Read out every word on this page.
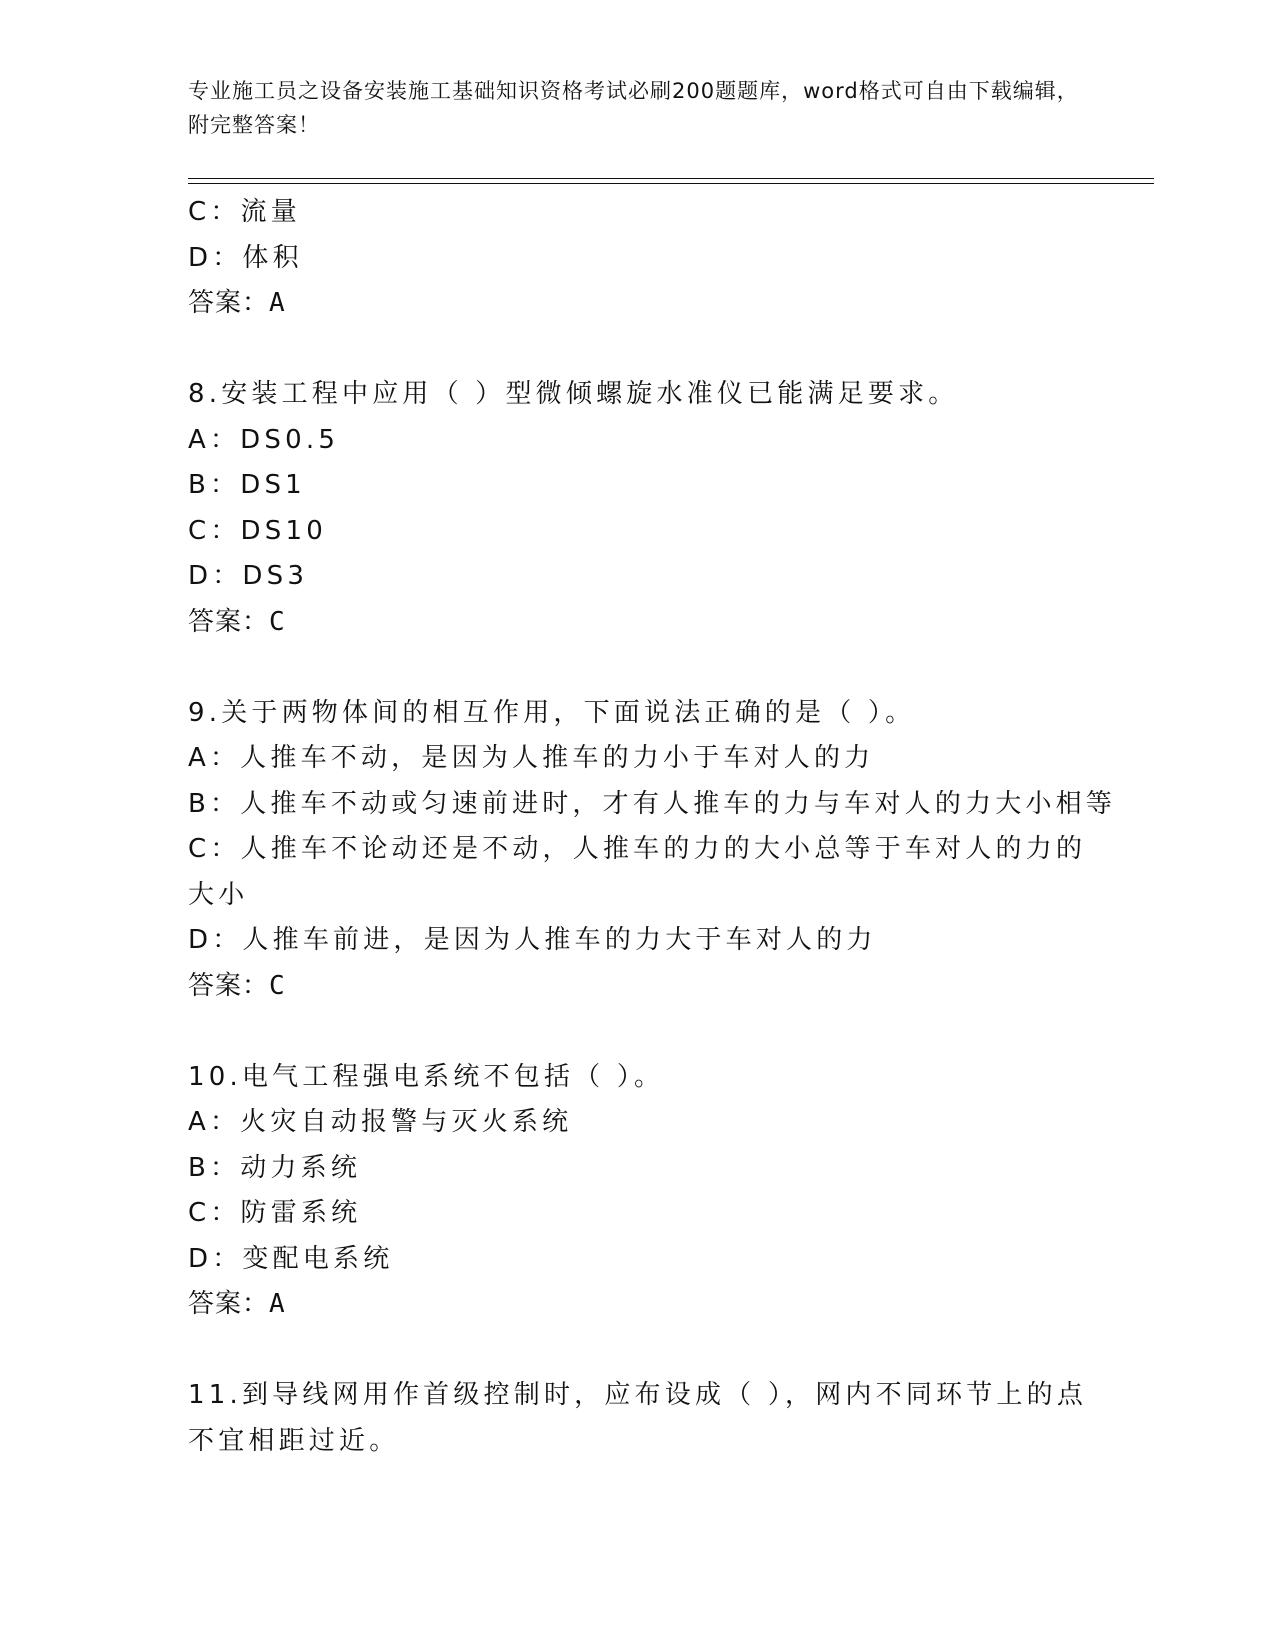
专业施工员之设备安装施工基础知识资格考试必刷200题题库，word格式可自由下载编辑，附完整答案！
C：流量
D：体积
答案：A
8.安装工程中应用（ ）型微倾螺旋水准仪已能满足要求。
A：DS0.5
B：DS1
C：DS10
D：DS3
答案：C
9.关于两物体间的相互作用，下面说法正确的是（ ）。
A：人推车不动，是因为人推车的力小于车对人的力
B：人推车不动或匀速前进时，才有人推车的力与车对人的力大小相等
C：人推车不论动还是不动，人推车的力的大小总等于车对人的力的大小
D：人推车前进，是因为人推车的力大于车对人的力
答案：C
10.电气工程强电系统不包括（ ）。
A：火灾自动报警与灭火系统
B：动力系统
C：防雷系统
D：变配电系统
答案：A
11.到导线网用作首级控制时，应布设成（ ），网内不同环节上的点不宜相距过近。
